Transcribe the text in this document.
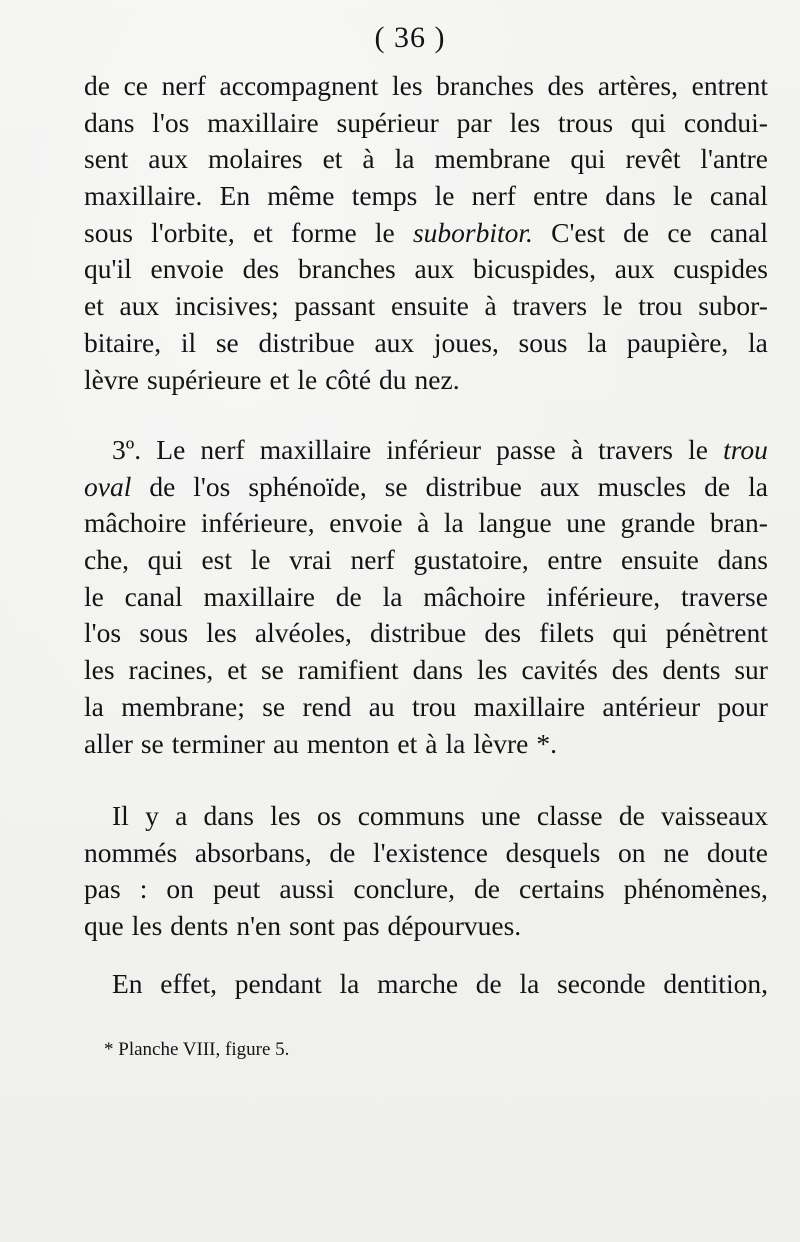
( 36 )
de ce nerf accompagnent les branches des artères, entrent
dans l'os maxillaire supérieur par les trous qui condui-
sent aux molaires et à la membrane qui revêt l'antre
maxillaire. En même temps le nerf entre dans le canal
sous l'orbite, et forme le suborbitor. C'est de ce canal
qu'il envoie des branches aux bicuspides, aux cuspides
et aux incisives; passant ensuite à travers le trou subor-
bitaire, il se distribue aux joues, sous la paupière, la
lèvre supérieure et le côté du nez.
3º. Le nerf maxillaire inférieur passe à travers le trou
oval de l'os sphénoïde, se distribue aux muscles de la
mâchoire inférieure, envoie à la langue une grande bran-
che, qui est le vrai nerf gustatoire, entre ensuite dans
le canal maxillaire de la mâchoire inférieure, traverse
l'os sous les alvéoles, distribue des filets qui pénètrent
les racines, et se ramifient dans les cavités des dents sur
la membrane; se rend au trou maxillaire antérieur pour
aller se terminer au menton et à la lèvre *.
Il y a dans les os communs une classe de vaisseaux
nommés absorbans, de l'existence desquels on ne doute
pas : on peut aussi conclure, de certains phénomènes,
que les dents n'en sont pas dépourvues.
En effet, pendant la marche de la seconde dentition,
* Planche VIII, figure 5.
